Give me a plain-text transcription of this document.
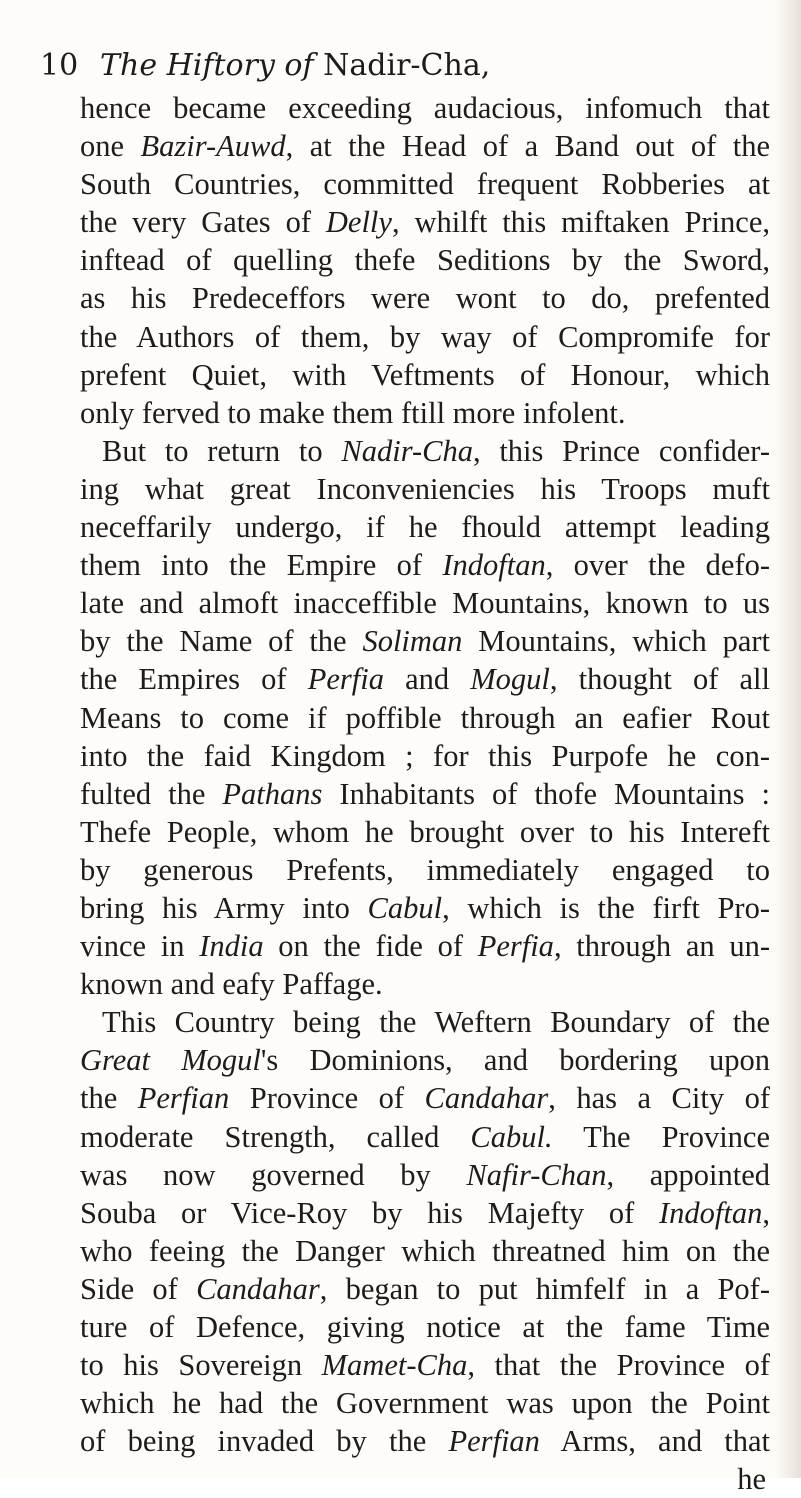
10 The Hiftory of Nadir-Cha,
hence became exceeding audacious, infomuch that
one Bazir-Auwd, at the Head of a Band out of the
South Countries, committed frequent Robberies at
the very Gates of Delly, whilft this miftaken Prince,
inftead of quelling thefe Seditions by the Sword,
as his Predeceffors were wont to do, prefented
the Authors of them, by way of Compromife for
prefent Quiet, with Veftments of Honour, which
only ferved to make them ftill more infolent.
But to return to Nadir-Cha, this Prince confider-
ing what great Inconveniencies his Troops muft
neceffarily undergo, if he fhould attempt leading
them into the Empire of Indoftan, over the defo-
late and almoft inacceffible Mountains, known to us
by the Name of the Soliman Mountains, which part
the Empires of Perfia and Mogul, thought of all
Means to come if poffible through an eafier Rout
into the faid Kingdom ; for this Purpofe he con-
fulted the Pathans Inhabitants of thofe Mountains :
Thefe People, whom he brought over to his Intereft
by generous Prefents, immediately engaged to
bring his Army into Cabul, which is the firft Pro-
vince in India on the fide of Perfia, through an un-
known and eafy Paffage.
This Country being the Weftern Boundary of the
Great Mogul's Dominions, and bordering upon
the Perfian Province of Candahar, has a City of
moderate Strength, called Cabul. The Province
was now governed by Nafir-Chan, appointed
Souba or Vice-Roy by his Majefty of Indoftan,
who feeing the Danger which threatned him on the
Side of Candahar, began to put himfelf in a Pof-
ture of Defence, giving notice at the fame Time
to his Sovereign Mamet-Cha, that the Province of
which he had the Government was upon the Point
of being invaded by the Perfian Arms, and that
he
